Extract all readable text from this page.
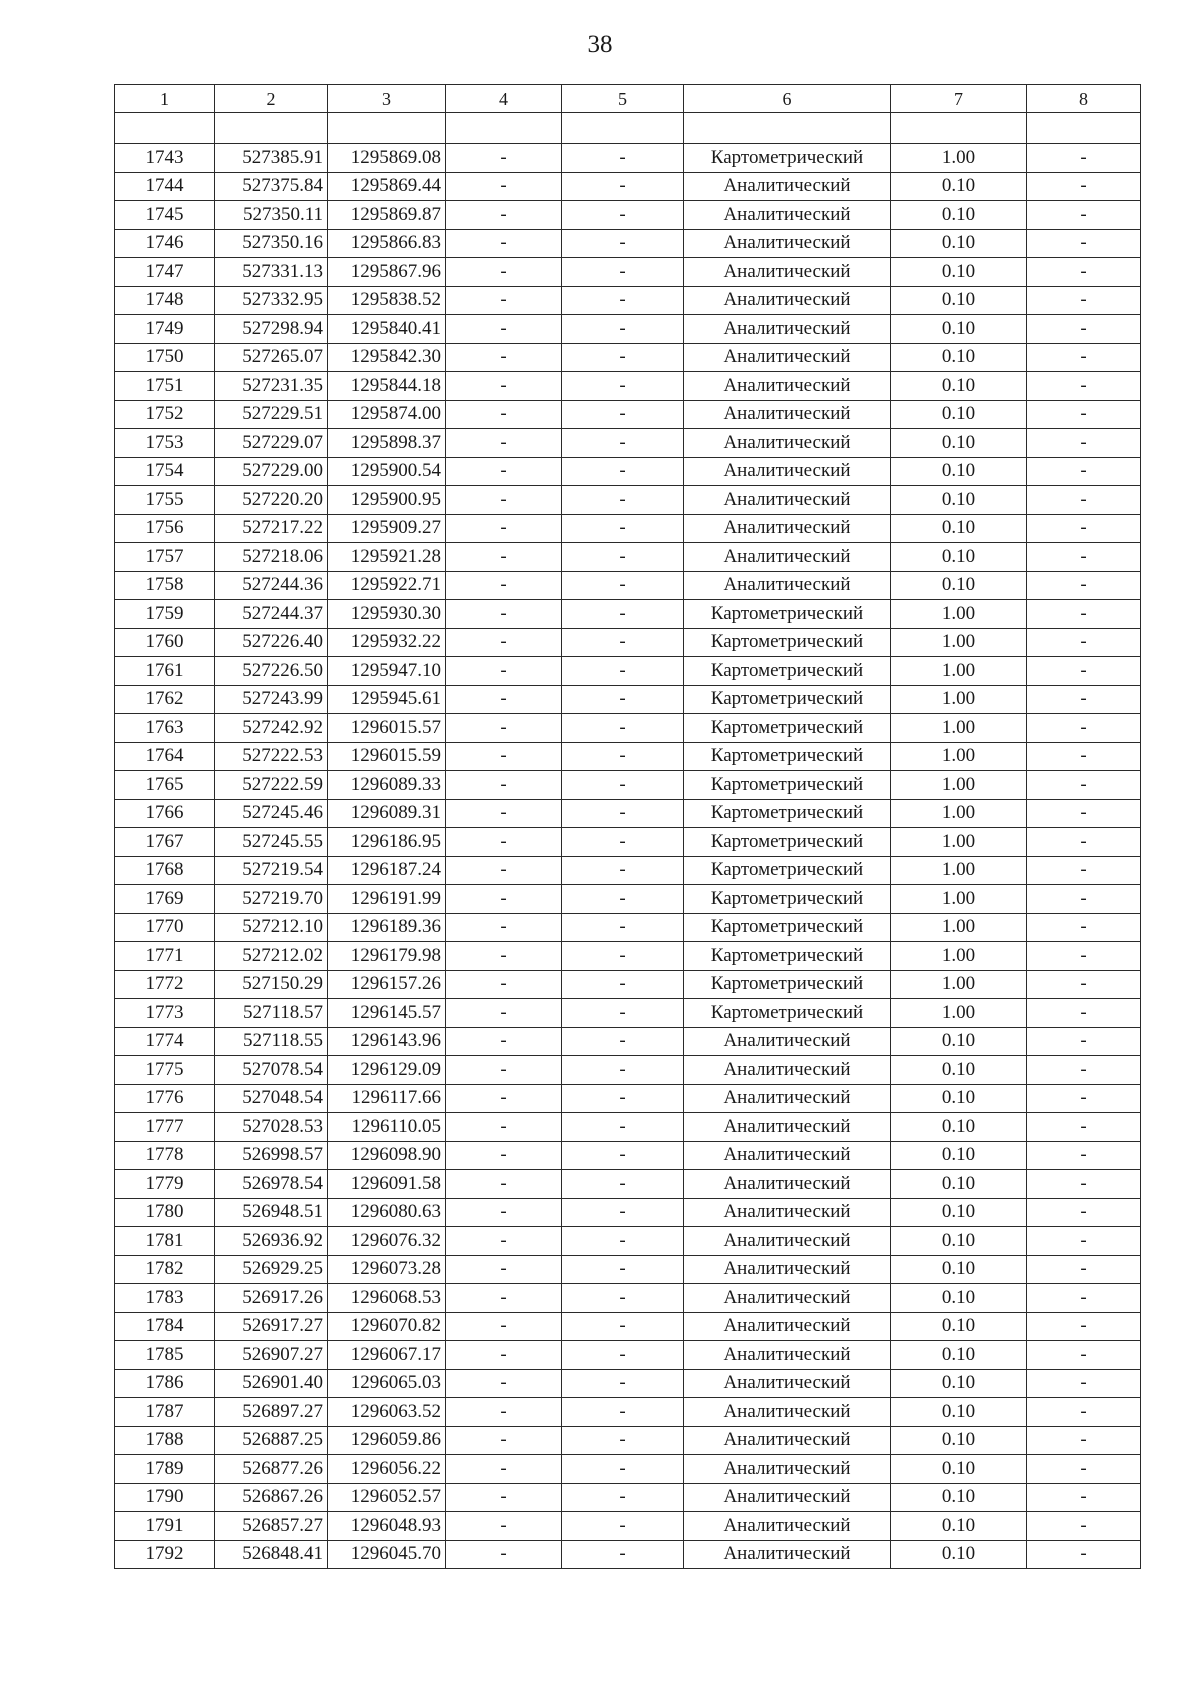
38
1	2	3	4	5	6	7	8

1743	527385.91	1295869.08	-	-	Картометрический	1.00	-
1744	527375.84	1295869.44	-	-	Аналитический	0.10	-
1745	527350.11	1295869.87	-	-	Аналитический	0.10	-
1746	527350.16	1295866.83	-	-	Аналитический	0.10	-
1747	527331.13	1295867.96	-	-	Аналитический	0.10	-
1748	527332.95	1295838.52	-	-	Аналитический	0.10	-
1749	527298.94	1295840.41	-	-	Аналитический	0.10	-
1750	527265.07	1295842.30	-	-	Аналитический	0.10	-
1751	527231.35	1295844.18	-	-	Аналитический	0.10	-
1752	527229.51	1295874.00	-	-	Аналитический	0.10	-
1753	527229.07	1295898.37	-	-	Аналитический	0.10	-
1754	527229.00	1295900.54	-	-	Аналитический	0.10	-
1755	527220.20	1295900.95	-	-	Аналитический	0.10	-
1756	527217.22	1295909.27	-	-	Аналитический	0.10	-
1757	527218.06	1295921.28	-	-	Аналитический	0.10	-
1758	527244.36	1295922.71	-	-	Аналитический	0.10	-
1759	527244.37	1295930.30	-	-	Картометрический	1.00	-
1760	527226.40	1295932.22	-	-	Картометрический	1.00	-
1761	527226.50	1295947.10	-	-	Картометрический	1.00	-
1762	527243.99	1295945.61	-	-	Картометрический	1.00	-
1763	527242.92	1296015.57	-	-	Картометрический	1.00	-
1764	527222.53	1296015.59	-	-	Картометрический	1.00	-
1765	527222.59	1296089.33	-	-	Картометрический	1.00	-
1766	527245.46	1296089.31	-	-	Картометрический	1.00	-
1767	527245.55	1296186.95	-	-	Картометрический	1.00	-
1768	527219.54	1296187.24	-	-	Картометрический	1.00	-
1769	527219.70	1296191.99	-	-	Картометрический	1.00	-
1770	527212.10	1296189.36	-	-	Картометрический	1.00	-
1771	527212.02	1296179.98	-	-	Картометрический	1.00	-
1772	527150.29	1296157.26	-	-	Картометрический	1.00	-
1773	527118.57	1296145.57	-	-	Картометрический	1.00	-
1774	527118.55	1296143.96	-	-	Аналитический	0.10	-
1775	527078.54	1296129.09	-	-	Аналитический	0.10	-
1776	527048.54	1296117.66	-	-	Аналитический	0.10	-
1777	527028.53	1296110.05	-	-	Аналитический	0.10	-
1778	526998.57	1296098.90	-	-	Аналитический	0.10	-
1779	526978.54	1296091.58	-	-	Аналитический	0.10	-
1780	526948.51	1296080.63	-	-	Аналитический	0.10	-
1781	526936.92	1296076.32	-	-	Аналитический	0.10	-
1782	526929.25	1296073.28	-	-	Аналитический	0.10	-
1783	526917.26	1296068.53	-	-	Аналитический	0.10	-
1784	526917.27	1296070.82	-	-	Аналитический	0.10	-
1785	526907.27	1296067.17	-	-	Аналитический	0.10	-
1786	526901.40	1296065.03	-	-	Аналитический	0.10	-
1787	526897.27	1296063.52	-	-	Аналитический	0.10	-
1788	526887.25	1296059.86	-	-	Аналитический	0.10	-
1789	526877.26	1296056.22	-	-	Аналитический	0.10	-
1790	526867.26	1296052.57	-	-	Аналитический	0.10	-
1791	526857.27	1296048.93	-	-	Аналитический	0.10	-
1792	526848.41	1296045.70	-	-	Аналитический	0.10	-
